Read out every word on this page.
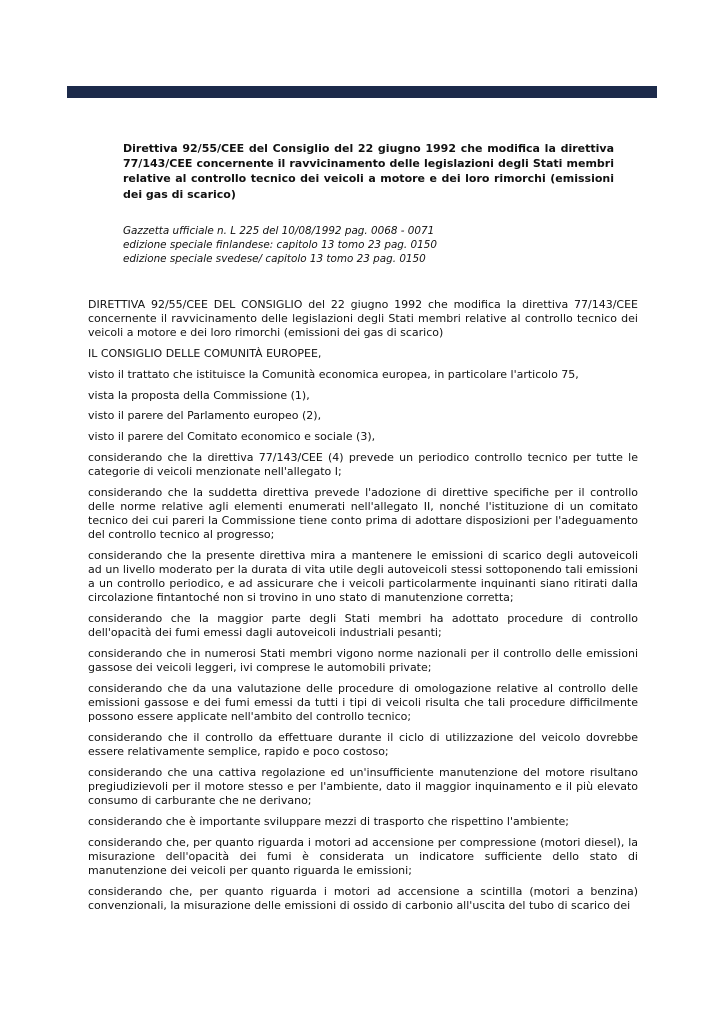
Direttiva 92/55/CEE del Consiglio del 22 giugno 1992 che modifica la direttiva 77/143/CEE concernente il ravvicinamento delle legislazioni degli Stati membri relative al controllo tecnico dei veicoli a motore e dei loro rimorchi (emissioni dei gas di scarico)
Gazzetta ufficiale n. L 225 del 10/08/1992 pag. 0068 - 0071
edizione speciale finlandese: capitolo 13 tomo 23 pag. 0150
edizione speciale svedese/ capitolo 13 tomo 23 pag. 0150

DIRETTIVA 92/55/CEE DEL CONSIGLIO del 22 giugno 1992 che modifica la direttiva 77/143/CEE concernente il ravvicinamento delle legislazioni degli Stati membri relative al controllo tecnico dei veicoli a motore e dei loro rimorchi (emissioni dei gas di scarico)

IL CONSIGLIO DELLE COMUNITÀ EUROPEE,

visto il trattato che istituisce la Comunità economica europea, in particolare l'articolo 75,

vista la proposta della Commissione (1),

visto il parere del Parlamento europeo (2),

visto il parere del Comitato economico e sociale (3),

considerando che la direttiva 77/143/CEE (4) prevede un periodico controllo tecnico per tutte le categorie di veicoli menzionate nell'allegato I;

considerando che la suddetta direttiva prevede l'adozione di direttive specifiche per il controllo delle norme relative agli elementi enumerati nell'allegato II, nonché l'istituzione di un comitato tecnico dei cui pareri la Commissione tiene conto prima di adottare disposizioni per l'adeguamento del controllo tecnico al progresso;

considerando che la presente direttiva mira a mantenere le emissioni di scarico degli autoveicoli ad un livello moderato per la durata di vita utile degli autoveicoli stessi sottoponendo tali emissioni a un controllo periodico, e ad assicurare che i veicoli particolarmente inquinanti siano ritirati dalla circolazione fintantoché non si trovino in uno stato di manutenzione corretta;

considerando che la maggior parte degli Stati membri ha adottato procedure di controllo dell'opacità dei fumi emessi dagli autoveicoli industriali pesanti;

considerando che in numerosi Stati membri vigono norme nazionali per il controllo delle emissioni gassose dei veicoli leggeri, ivi comprese le automobili private;

considerando che da una valutazione delle procedure di omologazione relative al controllo delle emissioni gassose e dei fumi emessi da tutti i tipi di veicoli risulta che tali procedure difficilmente possono essere applicate nell'ambito del controllo tecnico;

considerando che il controllo da effettuare durante il ciclo di utilizzazione del veicolo dovrebbe essere relativamente semplice, rapido e poco costoso;

considerando che una cattiva regolazione ed un'insufficiente manutenzione del motore risultano pregiudizievoli per il motore stesso e per l'ambiente, dato il maggior inquinamento e il più elevato consumo di carburante che ne derivano;

considerando che è importante sviluppare mezzi di trasporto che rispettino l'ambiente;

considerando che, per quanto riguarda i motori ad accensione per compressione (motori diesel), la misurazione dell'opacità dei fumi è considerata un indicatore sufficiente dello stato di manutenzione dei veicoli per quanto riguarda le emissioni;

considerando che, per quanto riguarda i motori ad accensione a scintilla (motori a benzina) convenzionali, la misurazione delle emissioni di ossido di carbonio all'uscita del tubo di scarico dei
